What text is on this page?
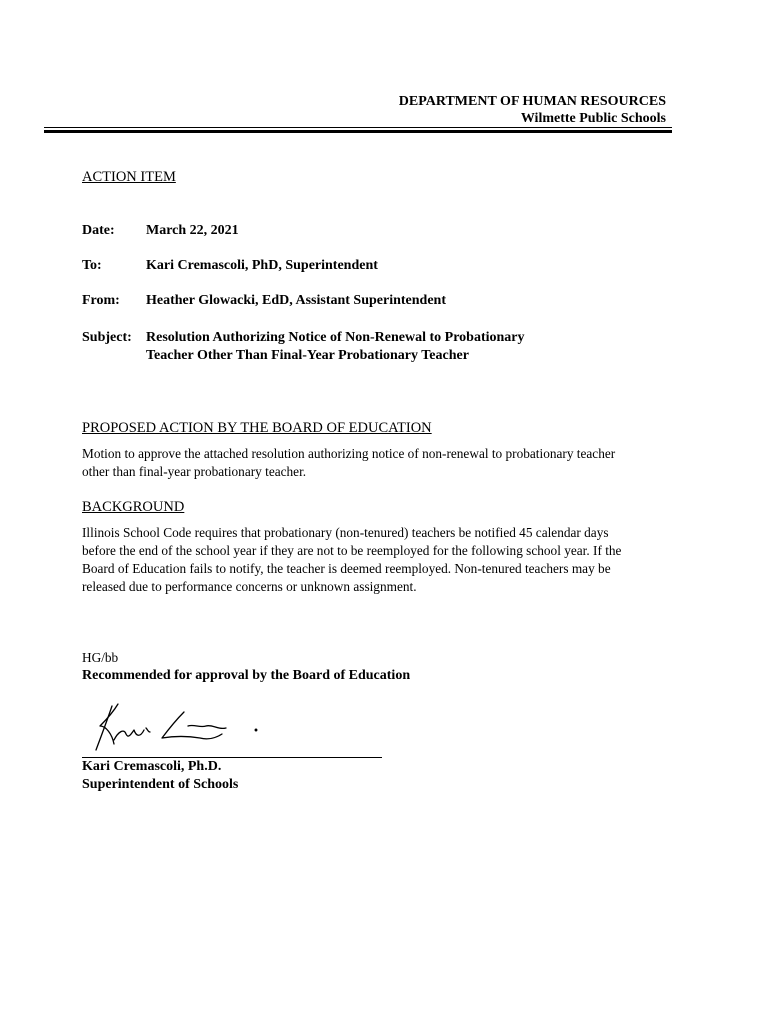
DEPARTMENT OF HUMAN RESOURCES
Wilmette Public Schools
ACTION ITEM
Date: March 22, 2021
To:	Kari Cremascoli, PhD, Superintendent
From: Heather Glowacki, EdD, Assistant Superintendent
Subject: Resolution Authorizing Notice of Non-Renewal to Probationary
Teacher Other Than Final-Year Probationary Teacher
PROPOSED ACTION BY THE BOARD OF EDUCATION
Motion to approve the attached resolution authorizing notice of non-renewal to probationary teacher
other than final-year probationary teacher.
BACKGROUND
Illinois School Code requires that probationary (non-tenured) teachers be notified 45 calendar days
before the end of the school year if they are not to be reemployed for the following school year. If the
Board of Education fails to notify, the teacher is deemed reemployed. Non-tenured teachers may be
released due to performance concerns or unknown assignment.
HG/bb
Recommended for approval by the Board of Education
Kari Cremascoli, Ph.D.
Superintendent of Schools
